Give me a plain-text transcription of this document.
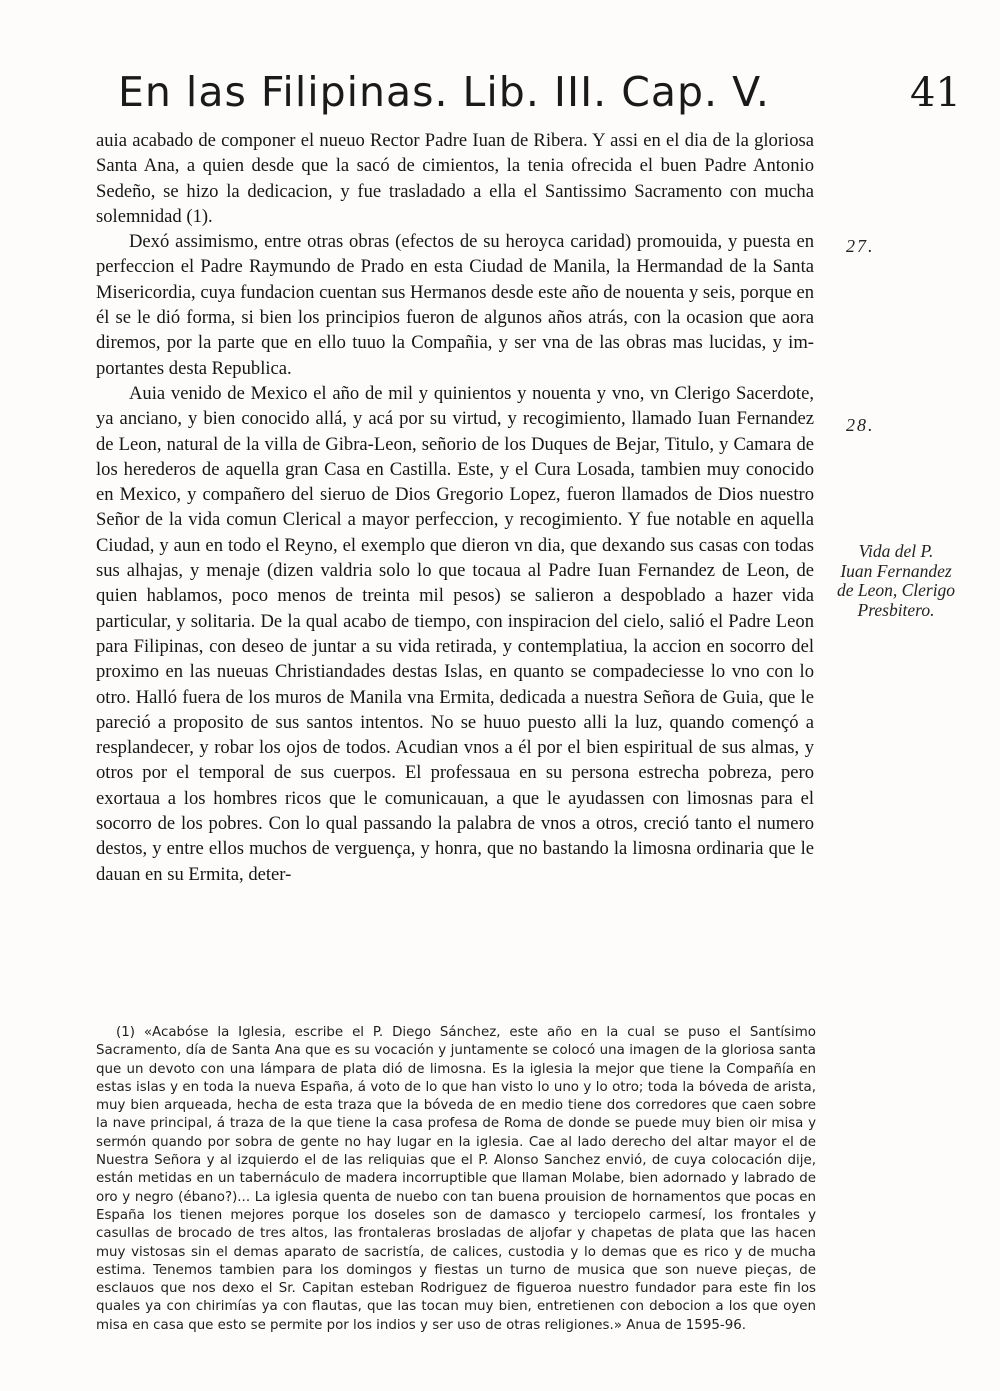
En las Filipinas. Lib. III. Cap. V.	41

auia acabado de componer el nueuo Rector Padre Iuan de Ribera. Y assi en el dia de la gloriosa Santa Ana, a quien desde que la sacó de cimientos, la tenia ofrecida el buen Padre Antonio Sedeño, se hizo la dedicacion, y fue trasladado a ella el Santissimo Sacramento con mucha solemnidad (1).

Dexó assimismo, entre otras obras (efectos de su heroyca caridad) promouida, y puesta en perfeccion el Padre Raymundo de Prado en esta Ciudad de Manila, la Hermandad de la Santa Misericordia, cuya fundacion cuentan sus Hermanos desde este año de nouenta y seis, porque en él se le dió forma, si bien los principios fueron de algunos años atrás, con la ocasion que aora diremos, por la parte que en ello tuuo la Compañia, y ser vna de las obras mas lucidas, y importantes desta Republica.

Auia venido de Mexico el año de mil y quinientos y nouenta y vno, vn Clerigo Sacerdote, ya anciano, y bien conocido allá, y acá por su virtud, y recogimiento, llamado Iuan Fernandez de Leon, natural de la villa de Gibra-Leon, señorio de los Duques de Bejar, Titulo, y Camara de los herederos de aquella gran Casa en Castilla. Este, y el Cura Losada, tambien muy conocido en Mexico, y compañero del sieruo de Dios Gregorio Lopez, fueron llamados de Dios nuestro Señor de la vida comun Clerical a mayor perfeccion, y recogimiento. Y fue notable en aquella Ciudad, y aun en todo el Reyno, el exemplo que dieron vn dia, que dexando sus casas con todas sus alhajas, y menaje (dizen valdria solo lo que tocaua al Padre Iuan Fernandez de Leon, de quien hablamos, poco menos de treinta mil pesos) se salieron a despoblado a hazer vida particular, y solitaria. De la qual acabo de tiempo, con inspiracion del cielo, salió el Padre Leon para Filipinas, con deseo de juntar a su vida retirada, y contemplatiua, la accion en socorro del proximo en las nueuas Christiandades destas Islas, en quanto se compadeciesse lo vno con lo otro. Halló fuera de los muros de Manila vna Ermita, dedicada a nuestra Señora de Guia, que le pareció a proposito de sus santos intentos. No se huuo puesto alli la luz, quando començó a resplandecer, y robar los ojos de todos. Acudian vnos a él por el bien espiritual de sus almas, y otros por el temporal de sus cuerpos. El professaua en su persona estrecha pobreza, pero exortaua a los hombres ricos que le comunicauan, a que le ayudassen con limosnas para el socorro de los pobres. Con lo qual passando la palabra de vnos a otros, creció tanto el numero destos, y entre ellos muchos de verguença, y honra, que no bastando la limosna ordinaria que le dauan en su Ermita, deter-

27.
28.
Vida del P.
Iuan Fernandez
de Leon, Clerigo
Presbitero.

(1) «Acabóse la Iglesia, escribe el P. Diego Sánchez, este año en la cual se puso el Santísimo Sacramento, día de Santa Ana que es su vocación y juntamente se colocó una imagen de la gloriosa santa que un devoto con una lámpara de plata dió de limosna. Es la iglesia la mejor que tiene la Compañía en estas islas y en toda la nueva España, á voto de lo que han visto lo uno y lo otro; toda la bóveda de arista, muy bien arqueada, hecha de esta traza que la bóveda de en medio tiene dos corredores que caen sobre la nave principal, á traza de la que tiene la casa profesa de Roma de donde se puede muy bien oir misa y sermón quando por sobra de gente no hay lugar en la iglesia. Cae al lado derecho del altar mayor el de Nuestra Señora y al izquierdo el de las reliquias que el P. Alonso Sanchez envió, de cuya colocación dije, están metidas en un tabernáculo de madera incorruptible que llaman Molabe, bien adornado y labrado de oro y negro (ébano?)... La iglesia quenta de nuebo con tan buena prouision de hornamentos que pocas en España los tienen mejores porque los doseles son de damasco y terciopelo carmesí, los frontales y casullas de brocado de tres altos, las frontaleras brosladas de aljofar y chapetas de plata que las hacen muy vistosas sin el demas aparato de sacristía, de calices, custodia y lo demas que es rico y de mucha estima. Tenemos tambien para los domingos y fiestas un turno de musica que son nueve pieças, de esclauos que nos dexo el Sr. Capitan esteban Rodriguez de figueroa nuestro fundador para este fin los quales ya con chirimías ya con flautas, que las tocan muy bien, entretienen con debocion a los que oyen misa en casa que esto se permite por los indios y ser uso de otras religiones.» Anua de 1595-96.
